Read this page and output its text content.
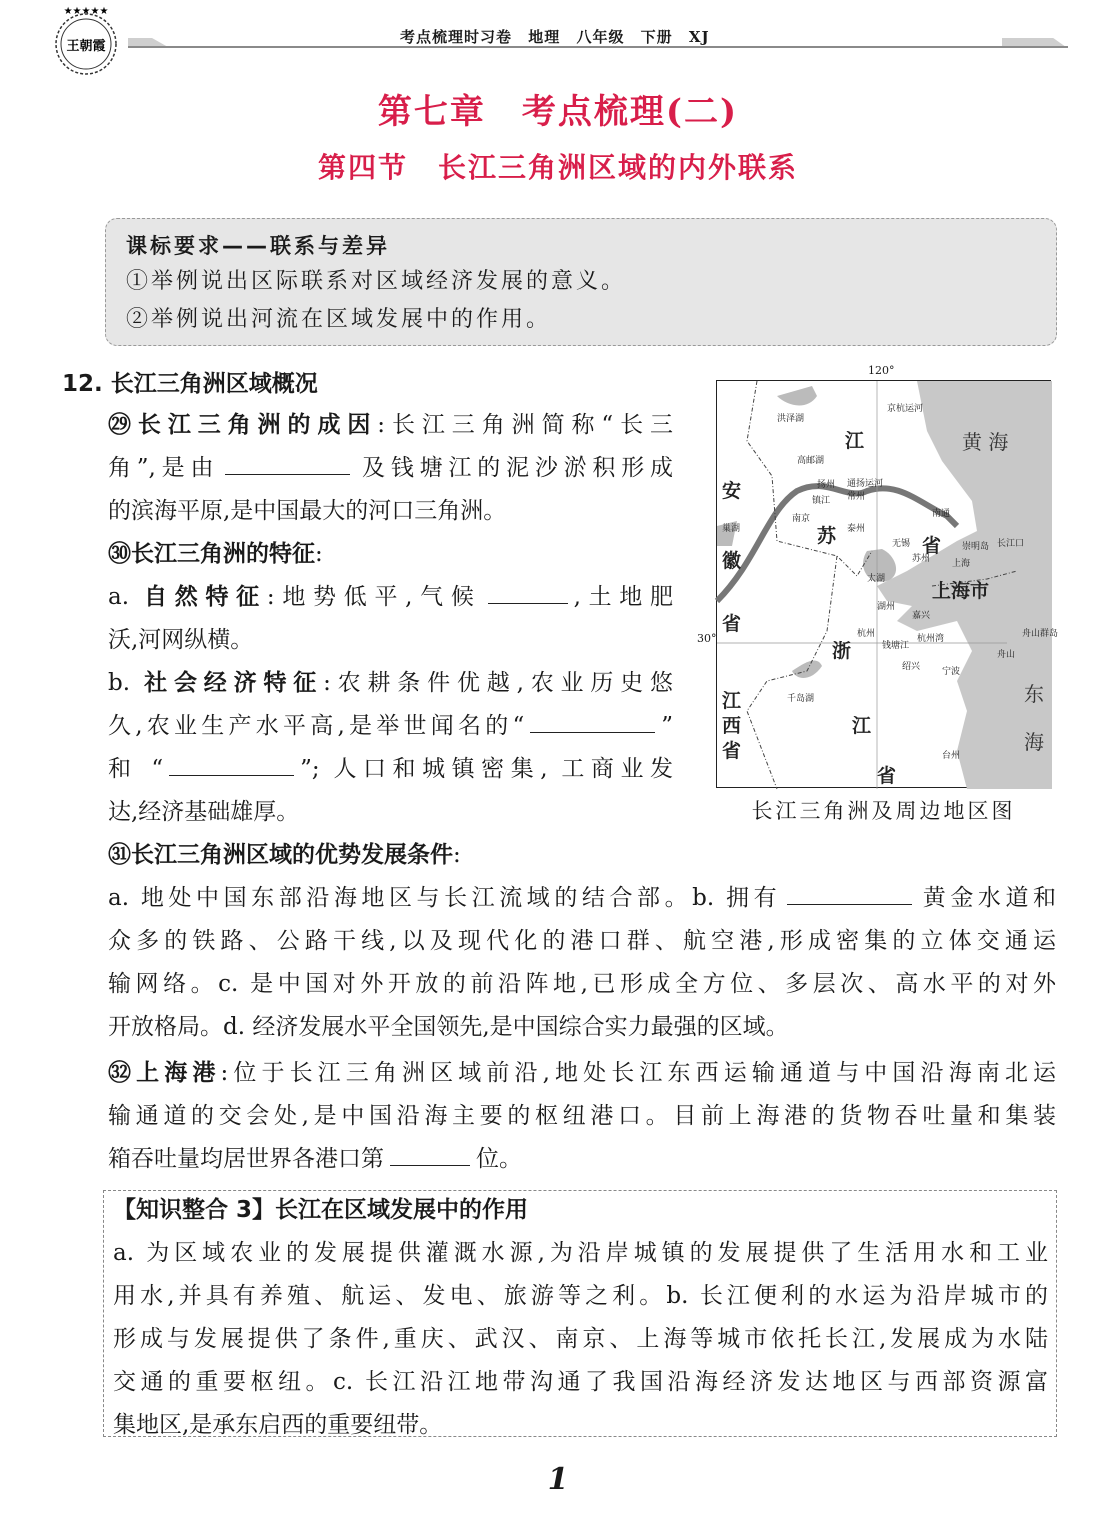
★★★★★
王朝霞
考点梳理时习卷 地理 八年级 下册 XJ
第七章　考点梳理(二)
第四节　长江三角洲区域的内外联系
课标要求——联系与差异
①举例说出区际联系对区域经济发展的意义。
②举例说出河流在区域发展中的作用。
12. 长江三角洲区域概况
㉙长江三角洲的成因:长江三角洲简称“长三
角”,是由	及钱塘江的泥沙淤积形成
的滨海平原,是中国最大的河口三角洲。
㉚长江三角洲的特征:
a. 自然特征:地势低平,气候	,土地肥
沃,河网纵横。
b. 社会经济特征:农耕条件优越,农业历史悠
久,农业生产水平高,是举世闻名的“	”
和 “	”; 人口和城镇密集, 工商业发
达,经济基础雄厚。
㉛长江三角洲区域的优势发展条件:
a. 地处中国东部沿海地区与长江流域的结合部。b. 拥有	黄金水道和
众多的铁路、公路干线,以及现代化的港口群、航空港,形成密集的立体交通运
输网络。c. 是中国对外开放的前沿阵地,已形成全方位、多层次、高水平的对外
开放格局。d. 经济发展水平全国领先,是中国综合实力最强的区域。
㉜上海港:位于长江三角洲区域前沿,地处长江东西运输通道与中国沿海南北运
输通道的交会处,是中国沿海主要的枢纽港口。目前上海港的货物吞吐量和集装
箱吞吐量均居世界各港口第	位。
【知识整合 3】长江在区域发展中的作用
a. 为区域农业的发展提供灌溉水源,为沿岸城镇的发展提供了生活用水和工业
用水,并具有养殖、航运、发电、旅游等之利。b. 长江便利的水运为沿岸城市的
形成与发展提供了条件,重庆、武汉、南京、上海等城市依托长江,发展成为水陆
交通的重要枢纽。c. 长江沿江地带沟通了我国沿海经济发达地区与西部资源富
集地区,是承东启西的重要纽带。
120°
30°
黄 海
东
海
安
徽
省
江
西
省
江
苏	省
浙
江
省
上海市
洪泽湖
高邮湖
巢湖
太湖
千岛湖
扬州
泰州
南京
镇江 常州
无锡
苏州
南通
上海
湖州
嘉兴
杭州
绍兴 宁波
舟山
台州
崇明岛 长江口
钱塘江
杭州湾
通扬运河
京杭运河
舟山群岛
长江三角洲及周边地区图
1
